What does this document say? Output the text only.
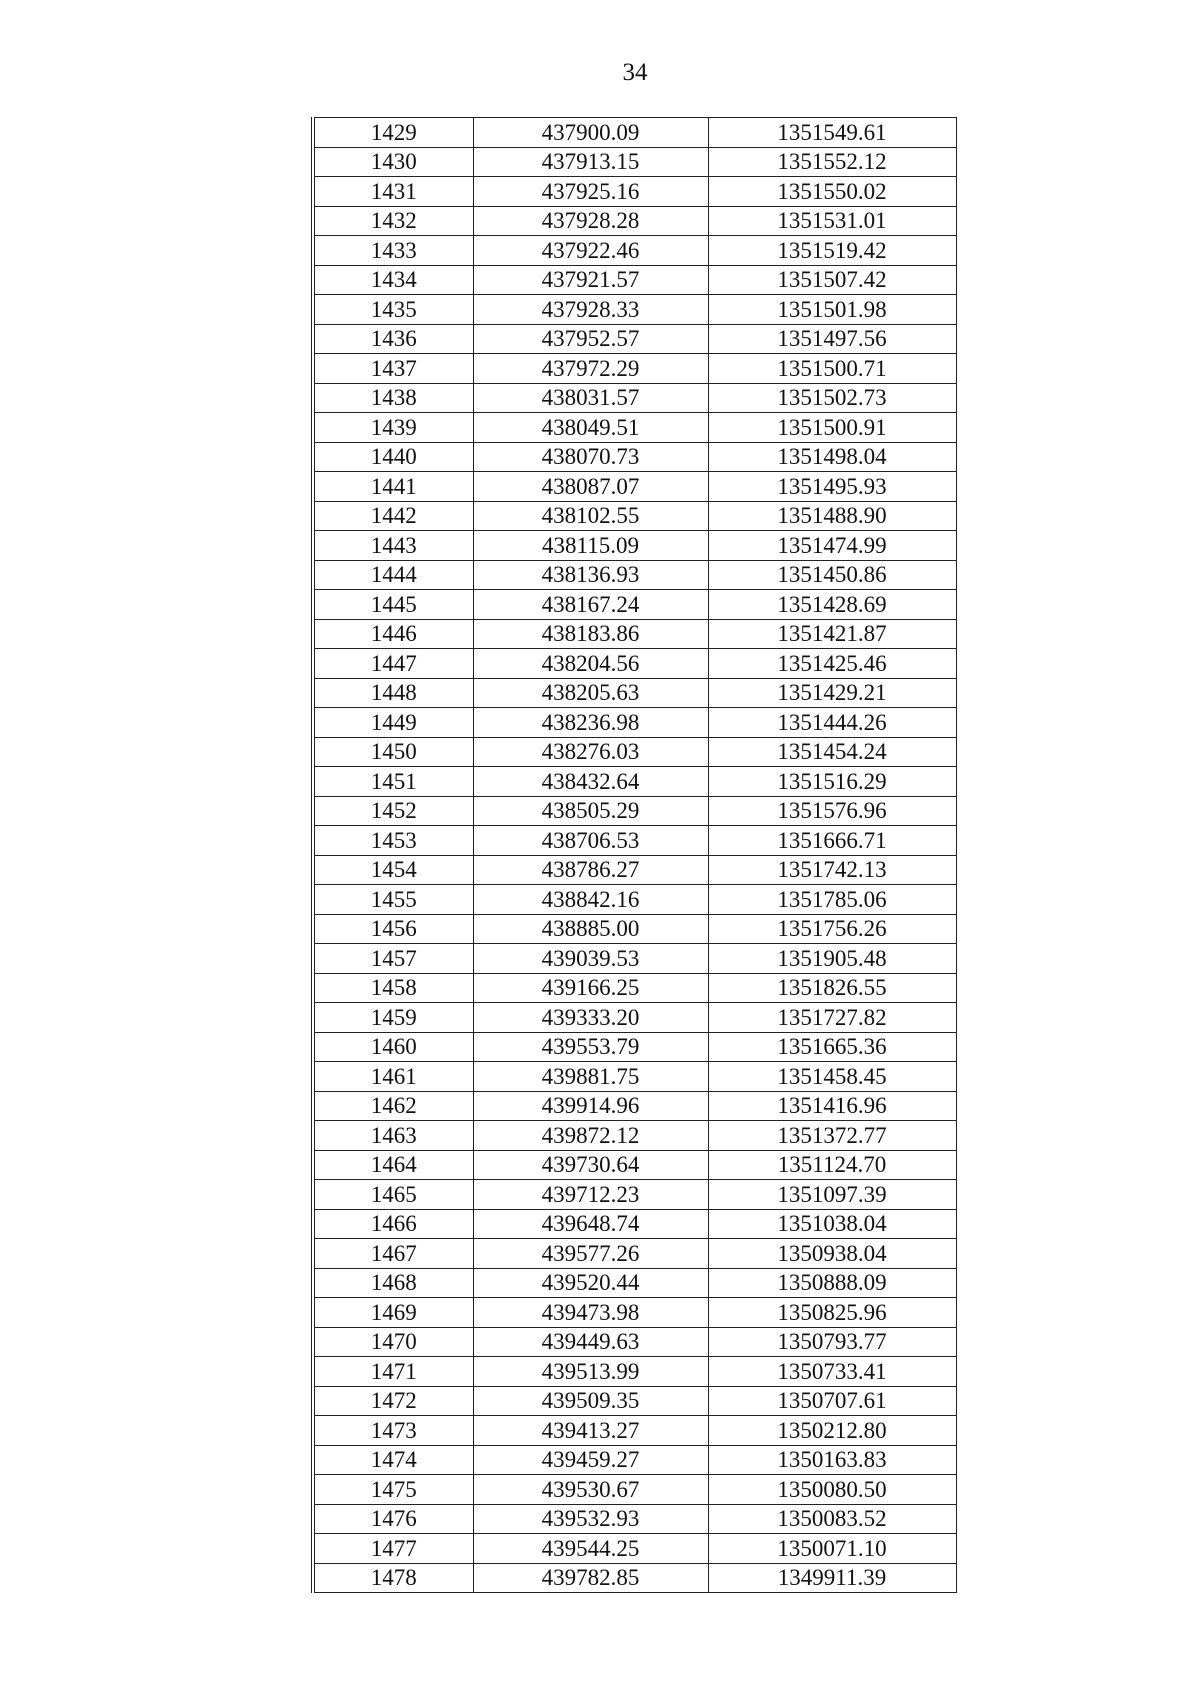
34
1429	437900.09	1351549.61
1430	437913.15	1351552.12
1431	437925.16	1351550.02
1432	437928.28	1351531.01
1433	437922.46	1351519.42
1434	437921.57	1351507.42
1435	437928.33	1351501.98
1436	437952.57	1351497.56
1437	437972.29	1351500.71
1438	438031.57	1351502.73
1439	438049.51	1351500.91
1440	438070.73	1351498.04
1441	438087.07	1351495.93
1442	438102.55	1351488.90
1443	438115.09	1351474.99
1444	438136.93	1351450.86
1445	438167.24	1351428.69
1446	438183.86	1351421.87
1447	438204.56	1351425.46
1448	438205.63	1351429.21
1449	438236.98	1351444.26
1450	438276.03	1351454.24
1451	438432.64	1351516.29
1452	438505.29	1351576.96
1453	438706.53	1351666.71
1454	438786.27	1351742.13
1455	438842.16	1351785.06
1456	438885.00	1351756.26
1457	439039.53	1351905.48
1458	439166.25	1351826.55
1459	439333.20	1351727.82
1460	439553.79	1351665.36
1461	439881.75	1351458.45
1462	439914.96	1351416.96
1463	439872.12	1351372.77
1464	439730.64	1351124.70
1465	439712.23	1351097.39
1466	439648.74	1351038.04
1467	439577.26	1350938.04
1468	439520.44	1350888.09
1469	439473.98	1350825.96
1470	439449.63	1350793.77
1471	439513.99	1350733.41
1472	439509.35	1350707.61
1473	439413.27	1350212.80
1474	439459.27	1350163.83
1475	439530.67	1350080.50
1476	439532.93	1350083.52
1477	439544.25	1350071.10
1478	439782.85	1349911.39
